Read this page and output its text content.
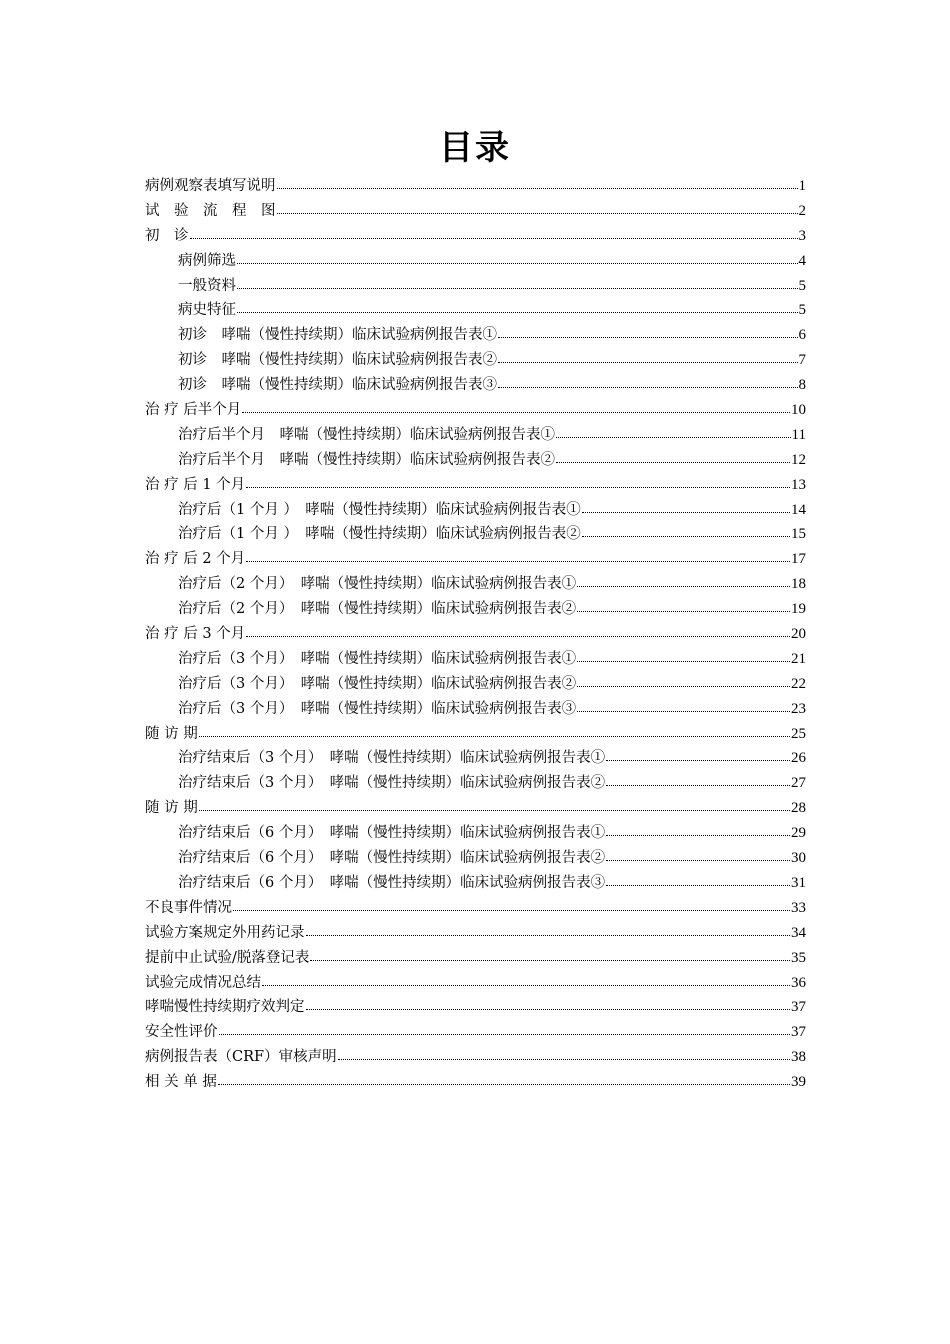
目录
病例观察表填写说明	1
试　验　流　程　图	2
初　诊	3
病例筛选	4
一般资料	5
病史特征	5
初诊　哮喘（慢性持续期）临床试验病例报告表①	6
初诊　哮喘（慢性持续期）临床试验病例报告表②	7
初诊　哮喘（慢性持续期）临床试验病例报告表③	8
治 疗 后半个月	10
治疗后半个月　哮喘（慢性持续期）临床试验病例报告表①	11
治疗后半个月　哮喘（慢性持续期）临床试验病例报告表②	12
治 疗 后 1 个月	13
治疗后（1 个月 ）　哮喘（慢性持续期）临床试验病例报告表①	14
治疗后（1 个月 ）　哮喘（慢性持续期）临床试验病例报告表②	15
治 疗 后 2 个月	17
治疗后（2 个月）　哮喘（慢性持续期）临床试验病例报告表①	18
治疗后（2 个月）　哮喘（慢性持续期）临床试验病例报告表②	19
治 疗 后 3 个月	20
治疗后（3 个月）　哮喘（慢性持续期）临床试验病例报告表①	21
治疗后（3 个月）　哮喘（慢性持续期）临床试验病例报告表②	22
治疗后（3 个月）　哮喘（慢性持续期）临床试验病例报告表③	23
随 访 期	25
治疗结束后（3 个月）　哮喘（慢性持续期）临床试验病例报告表①	26
治疗结束后（3 个月）　哮喘（慢性持续期）临床试验病例报告表②	27
随 访 期	28
治疗结束后（6 个月）　哮喘（慢性持续期）临床试验病例报告表①	29
治疗结束后（6 个月）　哮喘（慢性持续期）临床试验病例报告表②	30
治疗结束后（6 个月）　哮喘（慢性持续期）临床试验病例报告表③	31
不良事件情况	33
试验方案规定外用药记录	34
提前中止试验/脱落登记表	35
试验完成情况总结	36
哮喘慢性持续期疗效判定	37
安全性评价	37
病例报告表（CRF）审核声明	38
相 关 单 据	39
